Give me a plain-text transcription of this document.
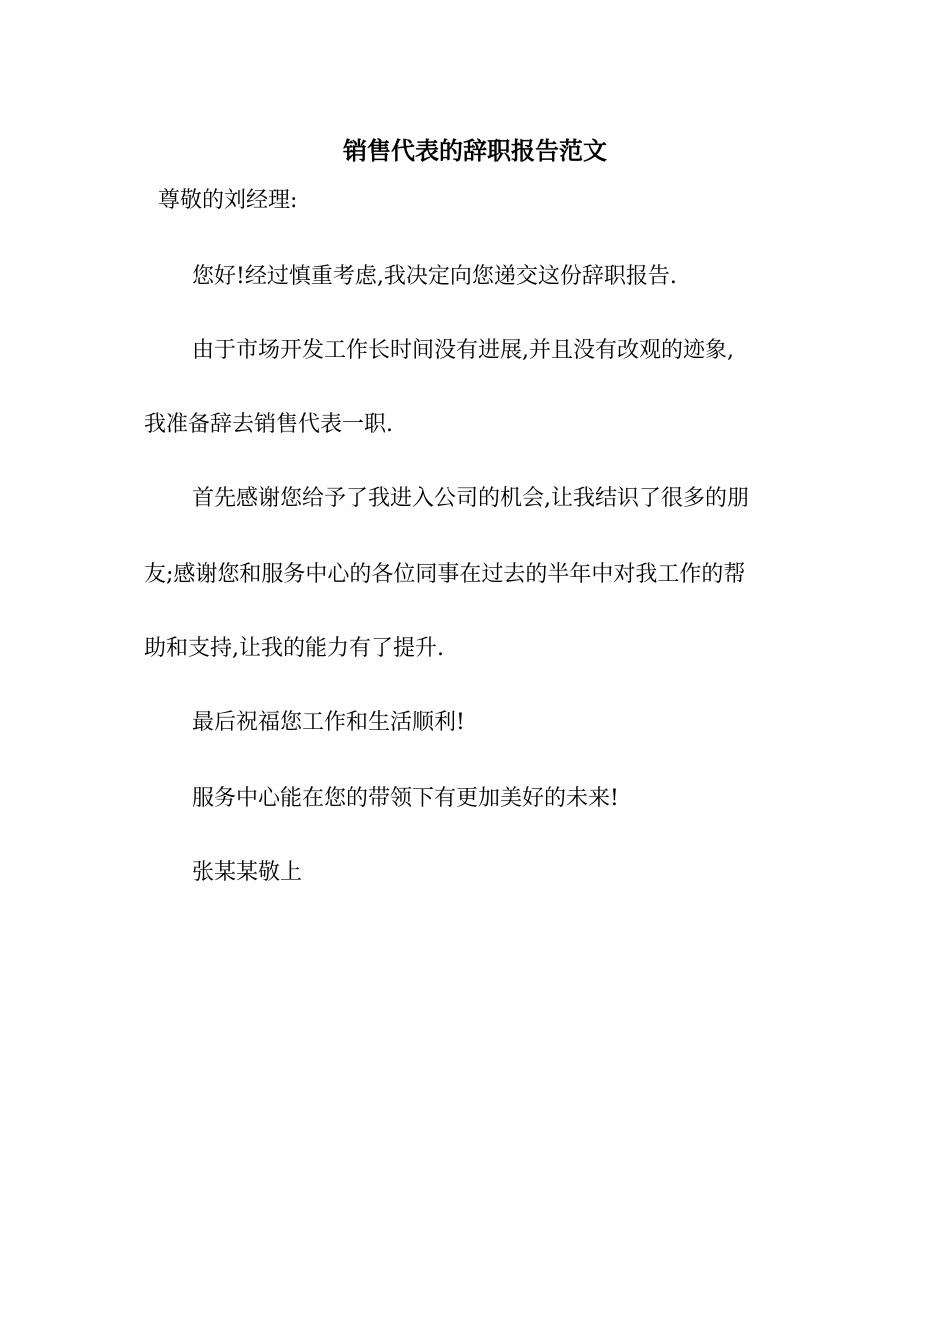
销售代表的辞职报告范文
尊敬的刘经理:
您好!经过慎重考虑,我决定向您递交这份辞职报告.
由于市场开发工作长时间没有进展,并且没有改观的迹象,
我准备辞去销售代表一职.
首先感谢您给予了我进入公司的机会,让我结识了很多的朋
友;感谢您和服务中心的各位同事在过去的半年中对我工作的帮
助和支持,让我的能力有了提升.
最后祝福您工作和生活顺利!
服务中心能在您的带领下有更加美好的未来!
张某某敬上
